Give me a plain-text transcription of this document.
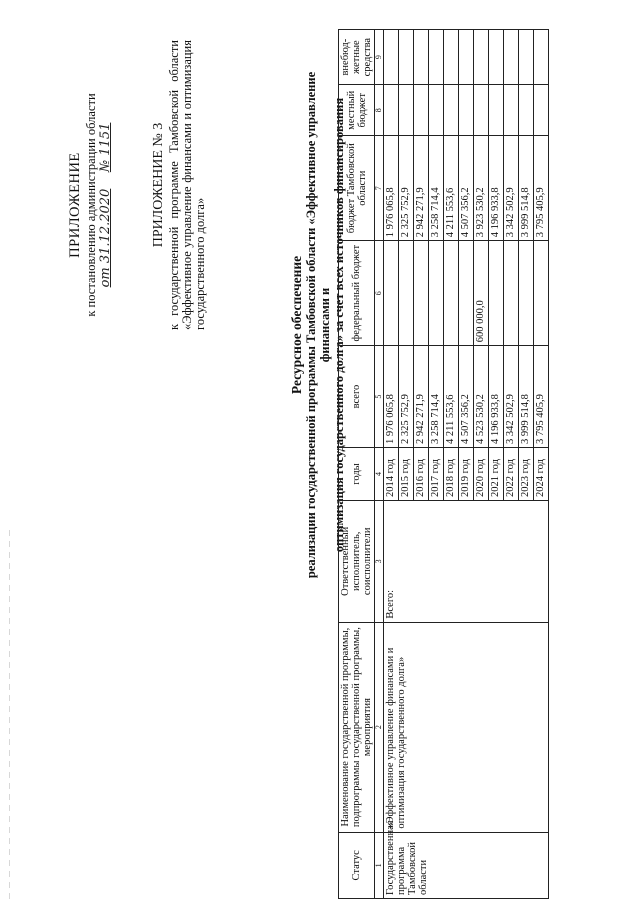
ПРИЛОЖЕНИЕ к постановлению администрации области от 31.12.2020    № 1151	ПРИЛОЖЕНИЕ № 3 к государственной программе Тамбовской области «Эффективное управление финансами и оптимизация государственного долга»	Ресурсное обеспечение реализации государственной программы Тамбовской области «Эффективное управление финансами и оптимизация государственного долга» за счет всех источников финансирования
Статус	Наименование государственной программы, подпрограммы государственной программы, мероприятия	Ответственный исполнитель, соисполнители	годы	всего	федеральный бюджет	бюджет Тамбовской области	местный бюджет	внебюд-жетные средства
1	2	3	4	5	6	7	8	9
Государственная программа Тамбовской области	«Эффективное управление финансами и оптимизация государственного долга»	Всего:	2014 год	1 976 065,8		1 976 065,8		
			2015 год	2 325 752,9		2 325 752,9		
			2016 год	2 942 271,9		2 942 271,9		
			2017 год	3 258 714,4		3 258 714,4		
			2018 год	4 211 553,6		4 211 553,6		
			2019 год	4 507 356,2		4 507 356,2		
			2020 год	4 523 530,2	600 000,0	3 923 530,2		
			2021 год	4 196 933,8		4 196 933,8		
			2022 год	3 342 502,9		3 342 502,9		
			2023 год	3 999 514,8		3 999 514,8		
			2024 год	3 795 405,9		3 795 405,9		
